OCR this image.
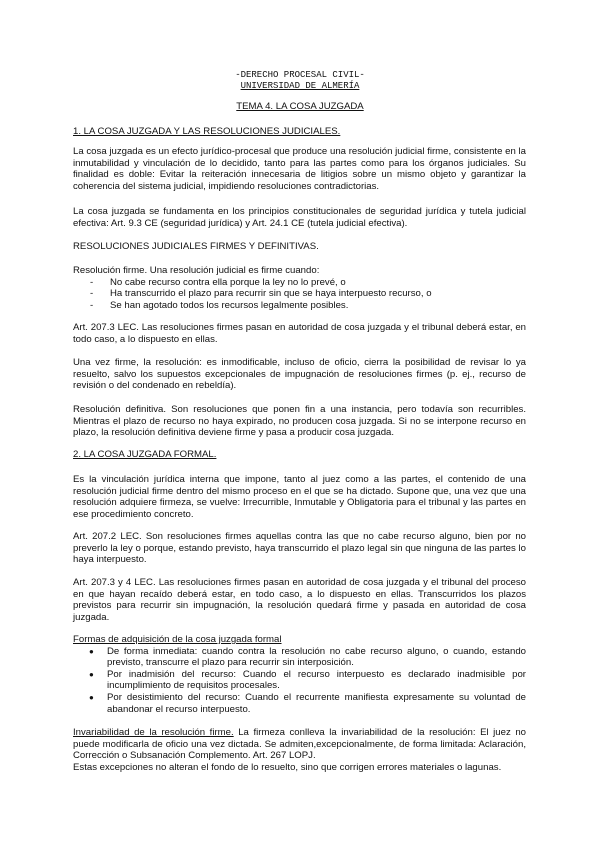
-DERECHO PROCESAL CIVIL-
UNIVERSIDAD DE ALMERÍA
TEMA 4. LA COSA JUZGADA
1. LA COSA JUZGADA Y LAS RESOLUCIONES JUDICIALES.

La cosa juzgada es un efecto jurídico-procesal que produce una resolución judicial firme, consistente en la inmutabilidad y vinculación de lo decidido, tanto para las partes como para los órganos judiciales. Su finalidad es doble: Evitar la reiteración innecesaria de litigios sobre un mismo objeto y garantizar la coherencia del sistema judicial, impidiendo resoluciones contradictorias.

La cosa juzgada se fundamenta en los principios constitucionales de seguridad jurídica y tutela judicial efectiva: Art. 9.3 CE (seguridad jurídica) y Art. 24.1 CE (tutela judicial efectiva).

RESOLUCIONES JUDICIALES FIRMES Y DEFINITIVAS.
Resolución firme. Una resolución judicial es firme cuando:
- No cabe recurso contra ella porque la ley no lo prevé, o
- Ha transcurrido el plazo para recurrir sin que se haya interpuesto recurso, o
- Se han agotado todos los recursos legalmente posibles.

Art. 207.3 LEC. Las resoluciones firmes pasan en autoridad de cosa juzgada y el tribunal deberá estar, en todo caso, a lo dispuesto en ellas.

Una vez firme, la resolución: es inmodificable, incluso de oficio, cierra la posibilidad de revisar lo ya resuelto, salvo los supuestos excepcionales de impugnación de resoluciones firmes (p. ej., recurso de revisión o del condenado en rebeldía).

Resolución definitiva. Son resoluciones que ponen fin a una instancia, pero todavía son recurribles. Mientras el plazo de recurso no haya expirado, no producen cosa juzgada. Si no se interpone recurso en plazo, la resolución definitiva deviene firme y pasa a producir cosa juzgada.

2. LA COSA JUZGADA FORMAL.

Es la vinculación jurídica interna que impone, tanto al juez como a las partes, el contenido de una resolución judicial firme dentro del mismo proceso en el que se ha dictado. Supone que, una vez que una resolución adquiere firmeza, se vuelve: Irrecurrible, Inmutable y Obligatoria para el tribunal y las partes en ese procedimiento concreto.

Art. 207.2 LEC. Son resoluciones firmes aquellas contra las que no cabe recurso alguno, bien por no preverlo la ley o porque, estando previsto, haya transcurrido el plazo legal sin que ninguna de las partes lo haya interpuesto.

Art. 207.3 y 4 LEC. Las resoluciones firmes pasan en autoridad de cosa juzgada y el tribunal del proceso en que hayan recaído deberá estar, en todo caso, a lo dispuesto en ellas. Transcurridos los plazos previstos para recurrir sin impugnación, la resolución quedará firme y pasada en autoridad de cosa juzgada.

Formas de adquisición de la cosa juzgada formal
● De forma inmediata: cuando contra la resolución no cabe recurso alguno, o cuando, estando previsto, transcurre el plazo para recurrir sin interposición.
● Por inadmisión del recurso: Cuando el recurso interpuesto es declarado inadmisible por incumplimiento de requisitos procesales.
● Por desistimiento del recurso: Cuando el recurrente manifiesta expresamente su voluntad de abandonar el recurso interpuesto.

Invariabilidad de la resolución firme. La firmeza conlleva la invariabilidad de la resolución: El juez no puede modificarla de oficio una vez dictada. Se admiten,excepcionalmente, de forma limitada: Aclaración, Corrección o Subsanación Complemento. Art. 267 LOPJ.

Estas excepciones no alteran el fondo de lo resuelto, sino que corrigen errores materiales o lagunas.
